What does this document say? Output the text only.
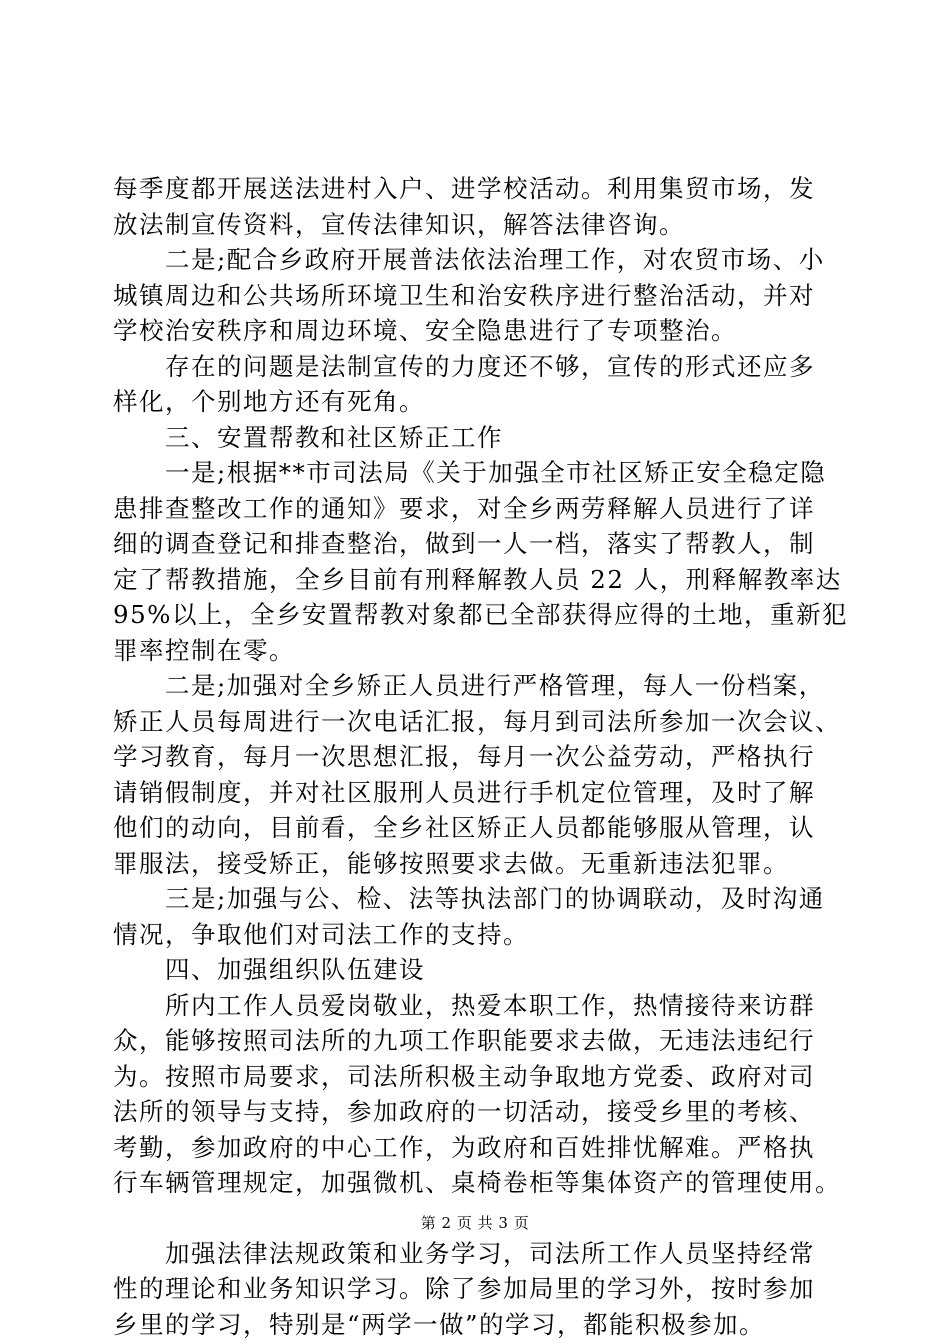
每季度都开展送法进村入户、进学校活动。利用集贸市场，发

放法制宣传资料，宣传法律知识，解答法律咨询。

　　二是;配合乡政府开展普法依法治理工作，对农贸市场、小

城镇周边和公共场所环境卫生和治安秩序进行整治活动，并对

学校治安秩序和周边环境、安全隐患进行了专项整治。

　　存在的问题是法制宣传的力度还不够，宣传的形式还应多

样化，个别地方还有死角。

　　三、安置帮教和社区矫正工作

　　一是;根据**市司法局《关于加强全市社区矫正安全稳定隐

患排查整改工作的通知》要求，对全乡两劳释解人员进行了详

细的调查登记和排查整治，做到一人一档，落实了帮教人，制

定了帮教措施，全乡目前有刑释解教人员 22 人，刑释解教率达

95%以上，全乡安置帮教对象都已全部获得应得的土地，重新犯

罪率控制在零。

　　二是;加强对全乡矫正人员进行严格管理，每人一份档案，

矫正人员每周进行一次电话汇报，每月到司法所参加一次会议、

学习教育，每月一次思想汇报，每月一次公益劳动，严格执行

请销假制度，并对社区服刑人员进行手机定位管理，及时了解

他们的动向，目前看，全乡社区矫正人员都能够服从管理，认

罪服法，接受矫正，能够按照要求去做。无重新违法犯罪。

　　三是;加强与公、检、法等执法部门的协调联动，及时沟通

情况，争取他们对司法工作的支持。

　　四、加强组织队伍建设

　　所内工作人员爱岗敬业，热爱本职工作，热情接待来访群

众，能够按照司法所的九项工作职能要求去做，无违法违纪行

为。按照市局要求，司法所积极主动争取地方党委、政府对司

法所的领导与支持，参加政府的一切活动，接受乡里的考核、

考勤，参加政府的中心工作，为政府和百姓排忧解难。严格执

行车辆管理规定，加强微机、桌椅卷柜等集体资产的管理使用。

　　加强法律法规政策和业务学习，司法所工作人员坚持经常

性的理论和业务知识学习。除了参加局里的学习外，按时参加

乡里的学习，特别是“两学一做”的学习，都能积极参加。

第 2 页 共 3 页
